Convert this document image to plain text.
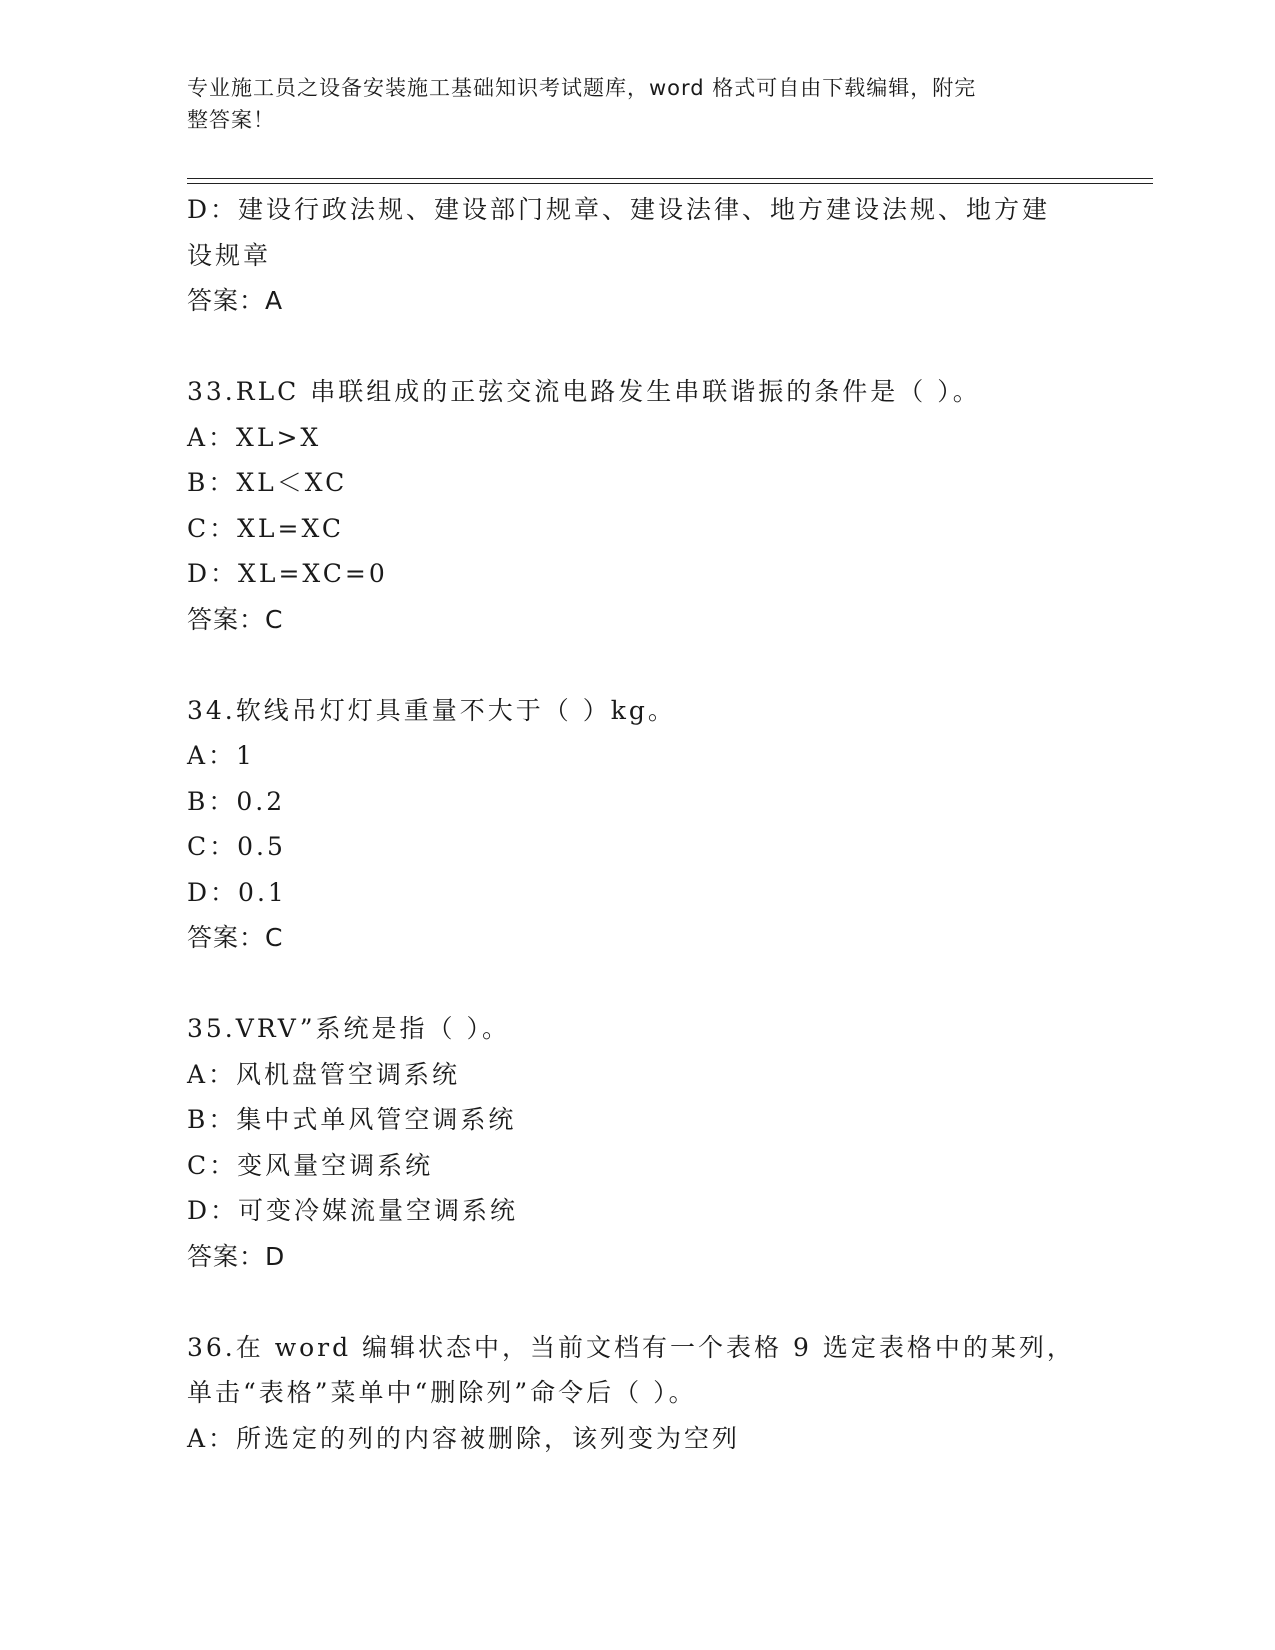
专业施工员之设备安装施工基础知识考试题库，word 格式可自由下载编辑，附完
整答案！
D：建设行政法规、建设部门规章、建设法律、地方建设法规、地方建
设规章
答案：A
33.RLC 串联组成的正弦交流电路发生串联谐振的条件是（ ）。
A：XL>X
B：XL＜XC
C：XL=XC
D：XL=XC=0
答案：C
34.软线吊灯灯具重量不大于（ ）kg。
A：1
B：0.2
C：0.5
D：0.1
答案：C
35.VRV”系统是指（ ）。
A：风机盘管空调系统
B：集中式单风管空调系统
C：变风量空调系统
D：可变冷媒流量空调系统
答案：D
36.在 word 编辑状态中，当前文档有一个表格 9 选定表格中的某列，
单击“表格”菜单中“删除列”命令后（ ）。
A：所选定的列的内容被删除，该列变为空列
